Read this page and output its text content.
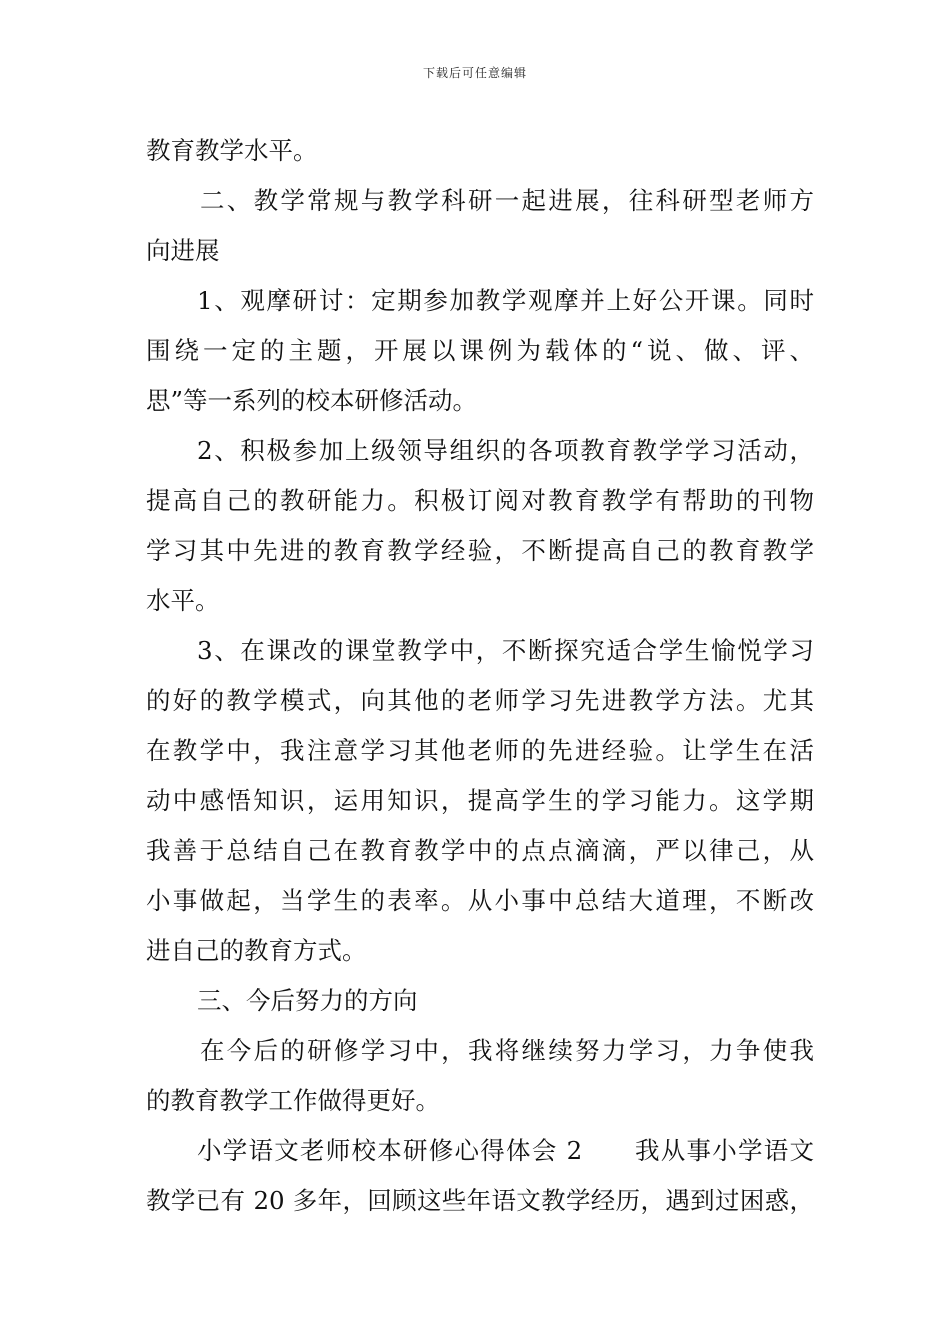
下载后可任意编辑
教育教学水平。
二、教学常规与教学科研一起进展，往科研型老师方
向进展
1、观摩研讨：定期参加教学观摩并上好公开课。同时
围绕一定的主题，开展以课例为载体的“说、做、评、
思”等一系列的校本研修活动。
2、积极参加上级领导组织的各项教育教学学习活动，
提高自己的教研能力。积极订阅对教育教学有帮助的刊物
学习其中先进的教育教学经验，不断提高自己的教育教学
水平。
3、在课改的课堂教学中，不断探究适合学生愉悦学习
的好的教学模式，向其他的老师学习先进教学方法。尤其
在教学中，我注意学习其他老师的先进经验。让学生在活
动中感悟知识，运用知识，提高学生的学习能力。这学期
我善于总结自己在教育教学中的点点滴滴，严以律己，从
小事做起，当学生的表率。从小事中总结大道理，不断改
进自己的教育方式。
三、今后努力的方向
在今后的研修学习中，我将继续努力学习，力争使我
的教育教学工作做得更好。
小学语文老师校本研修心得体会 2　　我从事小学语文
教学已有 20 多年，回顾这些年语文教学经历，遇到过困惑，
